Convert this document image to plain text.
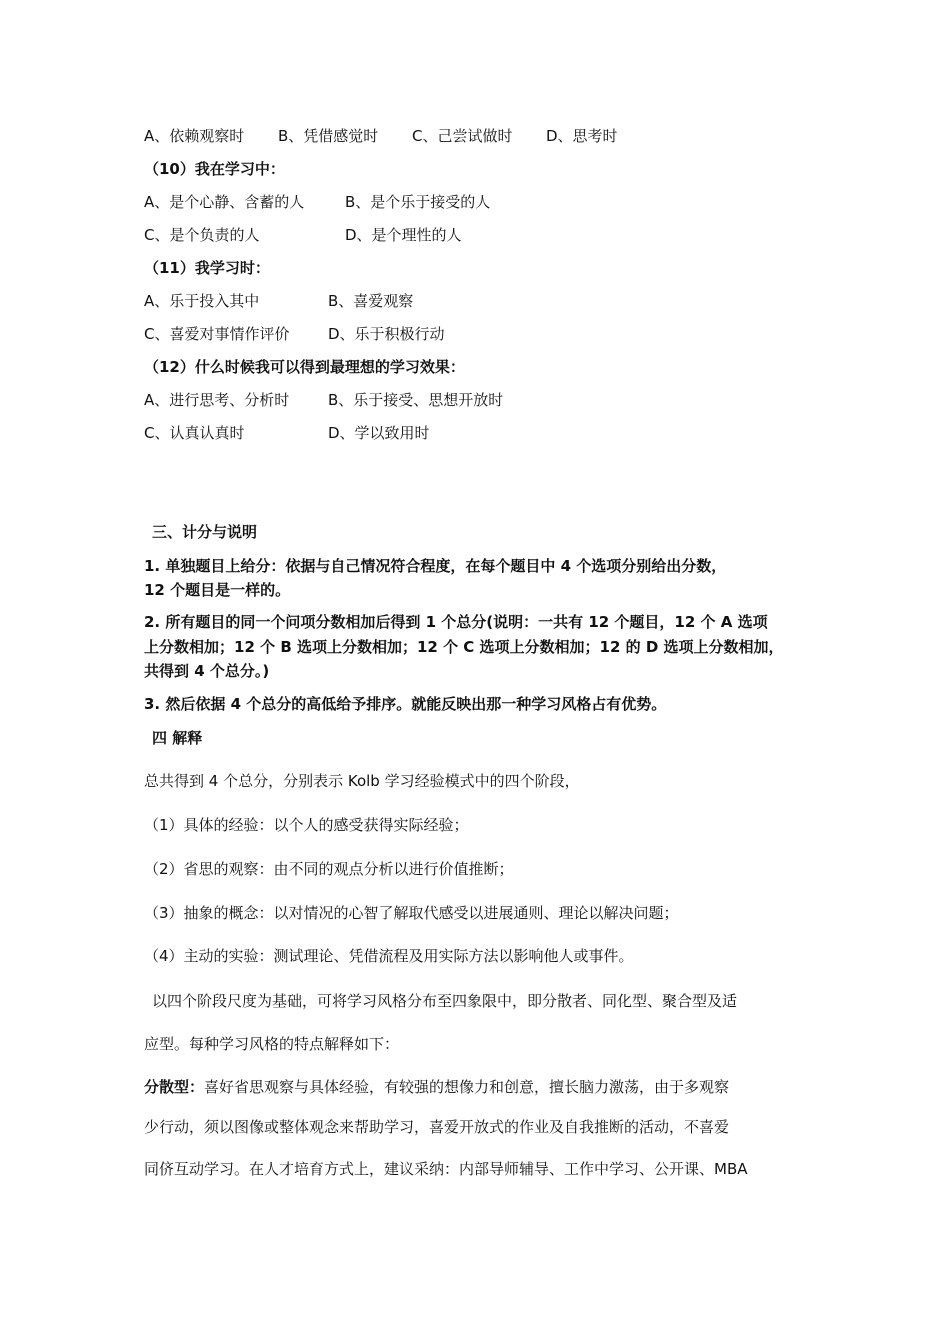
A、依赖观察时 B、凭借感觉时 C、己尝试做时 D、思考时
（10）我在学习中：
A、是个心静、含蓄的人	B、是个乐于接受的人
C、是个负责的人	D、是个理性的人
（11）我学习时：
A、乐于投入其中	B、喜爱观察
C、喜爱对事情作评价	D、乐于积极行动
（12）什么时候我可以得到最理想的学习效果：
A、进行思考、分析时	B、乐于接受、思想开放时
C、认真认真时	D、学以致用时
三、计分与说明
1. 单独题目上给分：依据与自己情况符合程度，在每个题目中 4 个选项分别给出分数，
12 个题目是一样的。
2. 所有题目的同一个问项分数相加后得到 1 个总分(说明：一共有 12 个题目，12 个 A 选项
上分数相加；12 个 B 选项上分数相加；12 个 C 选项上分数相加；12 的 D 选项上分数相加，
共得到 4 个总分。)
3. 然后依据 4 个总分的高低给予排序。就能反映出那一种学习风格占有优势。
四 解释
总共得到 4 个总分，分别表示 Kolb 学习经验模式中的四个阶段，
（1）具体的经验：以个人的感受获得实际经验；
（2）省思的观察：由不同的观点分析以进行价值推断；
（3）抽象的概念：以对情况的心智了解取代感受以进展通则、理论以解决问题；
（4）主动的实验：测试理论、凭借流程及用实际方法以影响他人或事件。
以四个阶段尺度为基础，可将学习风格分布至四象限中，即分散者、同化型、聚合型及适
应型。每种学习风格的特点解释如下：
分散型：喜好省思观察与具体经验，有较强的想像力和创意，擅长脑力激荡，由于多观察
少行动，须以图像或整体观念来帮助学习，喜爱开放式的作业及自我推断的活动，不喜爱
同侪互动学习。在人才培育方式上，建议采纳：内部导师辅导、工作中学习、公开课、MBA
